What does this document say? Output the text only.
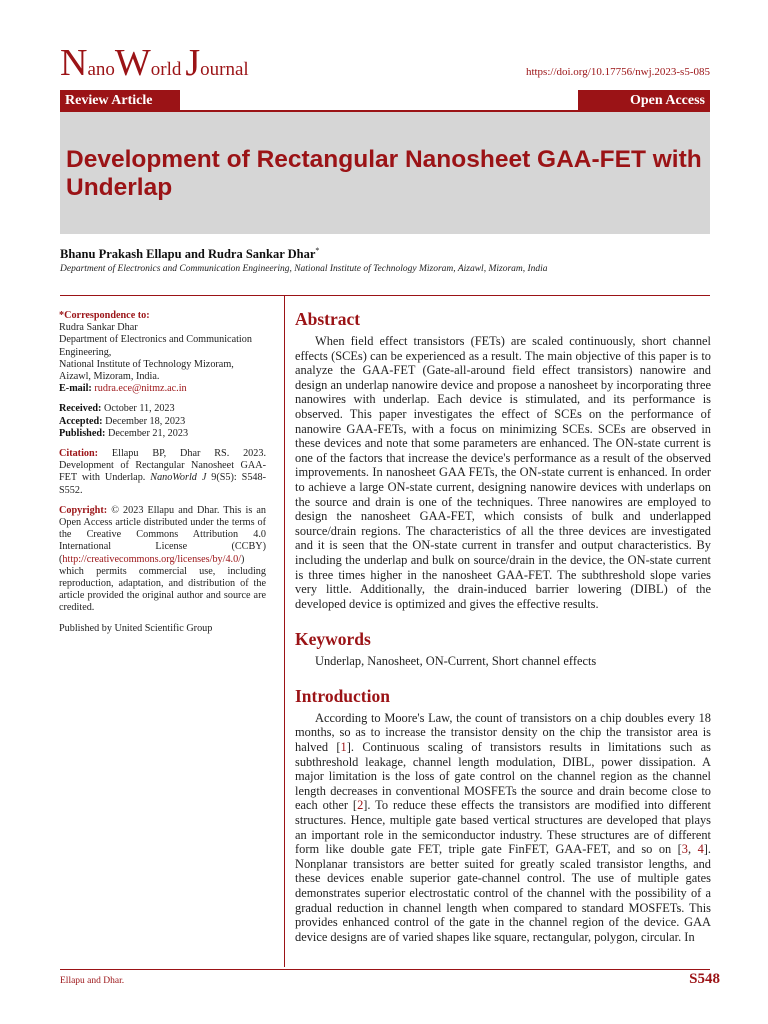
NanoWorld Journal	https://doi.org/10.17756/nwj.2023-s5-085
Review Article	Open Access
Development of Rectangular Nanosheet GAA-FET with Underlap
Bhanu Prakash Ellapu and Rudra Sankar Dhar*
Department of Electronics and Communication Engineering, National Institute of Technology Mizoram, Aizawl, Mizoram, India

*Correspondence to:
Rudra Sankar Dhar
Department of Electronics and Communication Engineering,
National Institute of Technology Mizoram,
Aizawl, Mizoram, India.
E-mail: rudra.ece@nitmz.ac.in

Received: October 11, 2023
Accepted: December 18, 2023
Published: December 21, 2023

Citation: Ellapu BP, Dhar RS. 2023. Development of Rectangular Nanosheet GAA-FET with Underlap. NanoWorld J 9(S5): S548-S552.

Copyright: © 2023 Ellapu and Dhar. This is an Open Access article distributed under the terms of the Creative Commons Attribution 4.0 International License (CCBY) (http://creativecommons.org/licenses/by/4.0/) which permits commercial use, including reproduction, adaptation, and distribution of the article provided the original author and source are credited.

Published by United Scientific Group

Abstract

When field effect transistors (FETs) are scaled continuously, short channel effects (SCEs) can be experienced as a result. The main objective of this paper is to analyze the GAA-FET (Gate-all-around field effect transistors) nanowire and design an underlap nanowire device and propose a nanosheet by incorporating three nanowires with underlap. Each device is stimulated, and its performance is observed. This paper investigates the effect of SCEs on the performance of nanowire GAA-FETs, with a focus on minimizing SCEs. SCEs are observed in these devices and note that some parameters are enhanced. The ON-state current is one of the factors that increase the device's performance as a result of the observed improvements. In nanosheet GAA FETs, the ON-state current is enhanced. In order to achieve a large ON-state current, designing nanowire devices with underlaps on the source and drain is one of the techniques. Three nanowires are employed to design the nanosheet GAA-FET, which consists of bulk and underlapped source/drain regions. The characteristics of all the three devices are investigated and it is seen that the ON-state current in transfer and output characteristics. By including the underlap and bulk on source/drain in the device, the ON-state current is three times higher in the nanosheet GAA-FET. The subthreshold slope varies very little. Additionally, the drain-induced barrier lowering (DIBL) of the developed device is optimized and gives the effective results.

Keywords

Underlap, Nanosheet, ON-Current, Short channel effects

Introduction

According to Moore's Law, the count of transistors on a chip doubles every 18 months, so as to increase the transistor density on the chip the transistor area is halved [1]. Continuous scaling of transistors results in limitations such as subthreshold leakage, channel length modulation, DIBL, power dissipation. A major limitation is the loss of gate control on the channel region as the channel length decreases in conventional MOSFETs the source and drain become close to each other [2]. To reduce these effects the transistors are modified into different structures. Hence, multiple gate based vertical structures are developed that plays an important role in the semiconductor industry. These structures are of different form like double gate FET, triple gate FinFET, GAA-FET, and so on [3, 4]. Nonplanar transistors are better suited for greatly scaled transistor lengths, and these devices enable superior gate-channel control. The use of multiple gates demonstrates superior electrostatic control of the channel with the possibility of a gradual reduction in channel length when compared to standard MOSFETs. This provides enhanced control of the gate in the channel region of the device. GAA device designs are of varied shapes like square, rectangular, polygon, circular. In

Ellapu and Dhar.	S548
